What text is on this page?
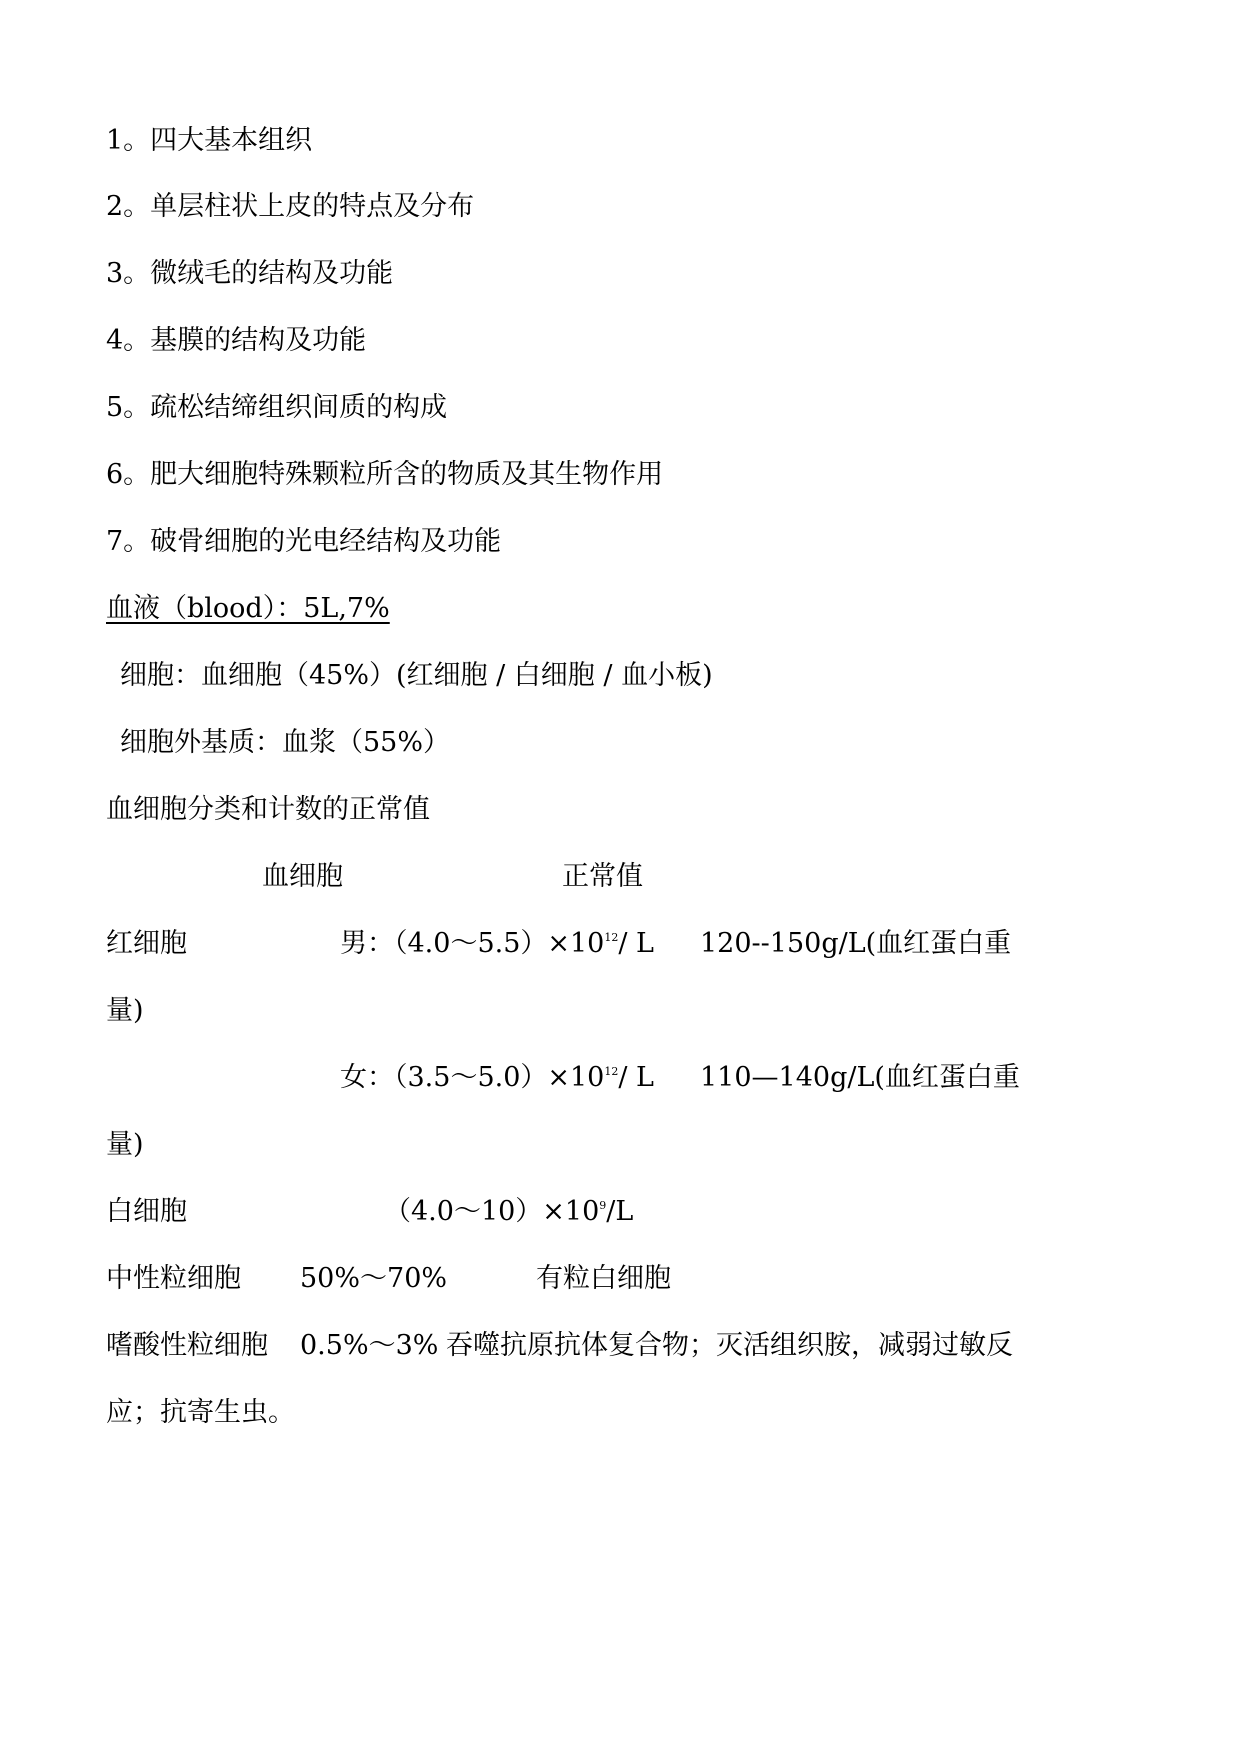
1。四大基本组织
2。单层柱状上皮的特点及分布
3。微绒毛的结构及功能
4。基膜的结构及功能
5。疏松结缔组织间质的构成
6。肥大细胞特殊颗粒所含的物质及其生物作用
7。破骨细胞的光电经结构及功能
血液（blood）：5L,7%
细胞：血细胞（45%）(红细胞 / 白细胞 / 血小板)
细胞外基质：血浆（55%）
血细胞分类和计数的正常值
血细胞	正常值
红细胞	男：$(4.0\sim 5.5)\times 10^{12}/$ L 120--150g/L(血红蛋白重
量)
女：$(3.5\sim 5.0)\times 10^{12}/$ L 110—140g/L(血红蛋白重
量)
白细胞	$(4.0\sim 10)\times 10^9/L$
中性粒细胞 50%～70%	有粒白细胞
嗜酸性粒细胞 0.5%～3% 吞噬抗原抗体复合物；灭活组织胺，减弱过敏反
应；抗寄生虫。
